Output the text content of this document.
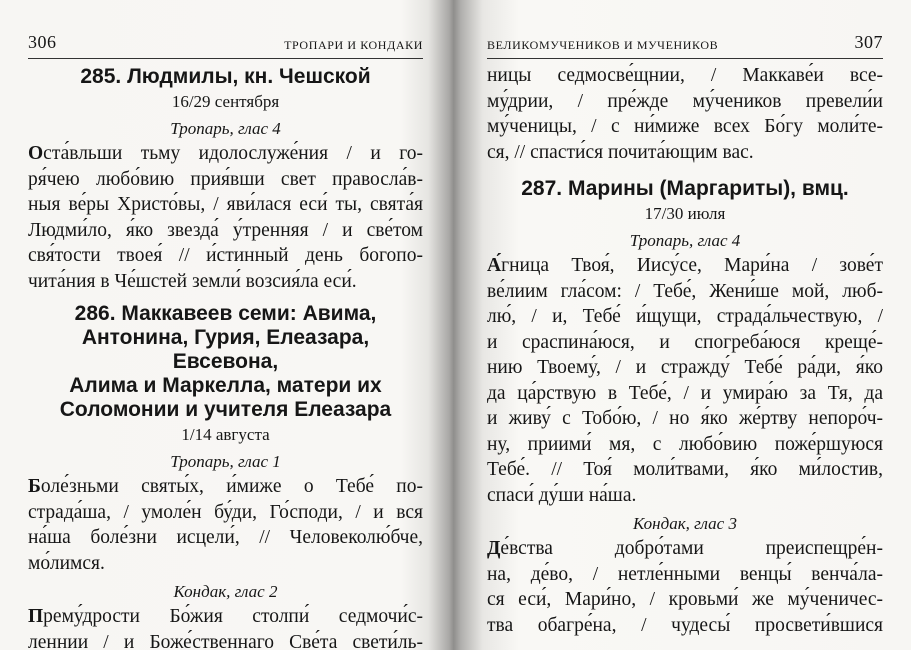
306	ТРОПАРИ И КОНДАКИ
285. Людмилы, кн. Чешской

16/29 сентября

Тропарь, глас 4

Оста́вльши тьму идолослуже́ния / и го-
ря́чею любо́вию прия́вши свет правосла́в-
ныя ве́ры Христо́вы, / яви́лася еси́ ты, свята́я
Людми́ло, я́ко звезда́ у́тренняя / и све́том
свя́тости твоея́ // и́стинный день богопо-
чита́ния в Че́шстей земли́ возсия́ла еси́.
286. Маккавеев семи: Авима,
Антонина, Гурия, Елеазара, Евсевона,
Алима и Маркелла, матери их
Соломонии и учителя Елеазара

1/14 августа

Тропарь, глас 1

Боле́зньми святы́х, и́мижe о Тебе́ по-
страда́ша, / умоле́н бу́ди, Го́споди, / и вся
на́ша боле́зни исцели́, // Человеколю́бче,
мо́лимся.

Кондак, глас 2

Прему́дрости Бо́жия столпи́ седмочи́с-
леннии / и Боже́ственнаго Све́та свети́ль-
ВЕЛИКОМУЧЕНИКОВ И МУЧЕНИКОВ	307
ницы седмосве́щнии, / Маккаве́и все-
му́дрии, / пре́жде му́чеников превели́и
му́ченицы, / с ни́миже всех Бо́гу моли́те-
ся, // спасти́ся почита́ющим вас.
287. Марины (Маргариты), вмц.

17/30 июля

Тропарь, глас 4

А́гница Твоя́, Иису́се, Мари́на / зове́т
ве́лиим гла́сом: / Тебе́, Жени́ше мой, люб-
лю́, / и, Тебе́ и́щущи, страда́льчествую, /
и сраспина́юся, и спогреба́юся креще́-
нию Твоему́, / и стражду́ Тебе́ ра́ди, я́ко
да ца́рствую в Тебе́, / и умира́ю за Тя, да
и живу́ с Тобо́ю, / но я́ко же́ртву непоро́ч-
ну, приими́ мя, с любо́вию поже́ршуюся
Тебе́. // Тоя́ моли́твами, я́ко ми́лостив,
спаси́ ду́ши на́ша.

Кондак, глас 3

Де́вства добро́тами преиспещре́н-
на, де́во, / нетле́нными венцы́ венча́ла-
ся еси́, Мари́но, / кровьми́ же му́ченичес-
тва обагре́на, / чудесы́ просвети́вшися
